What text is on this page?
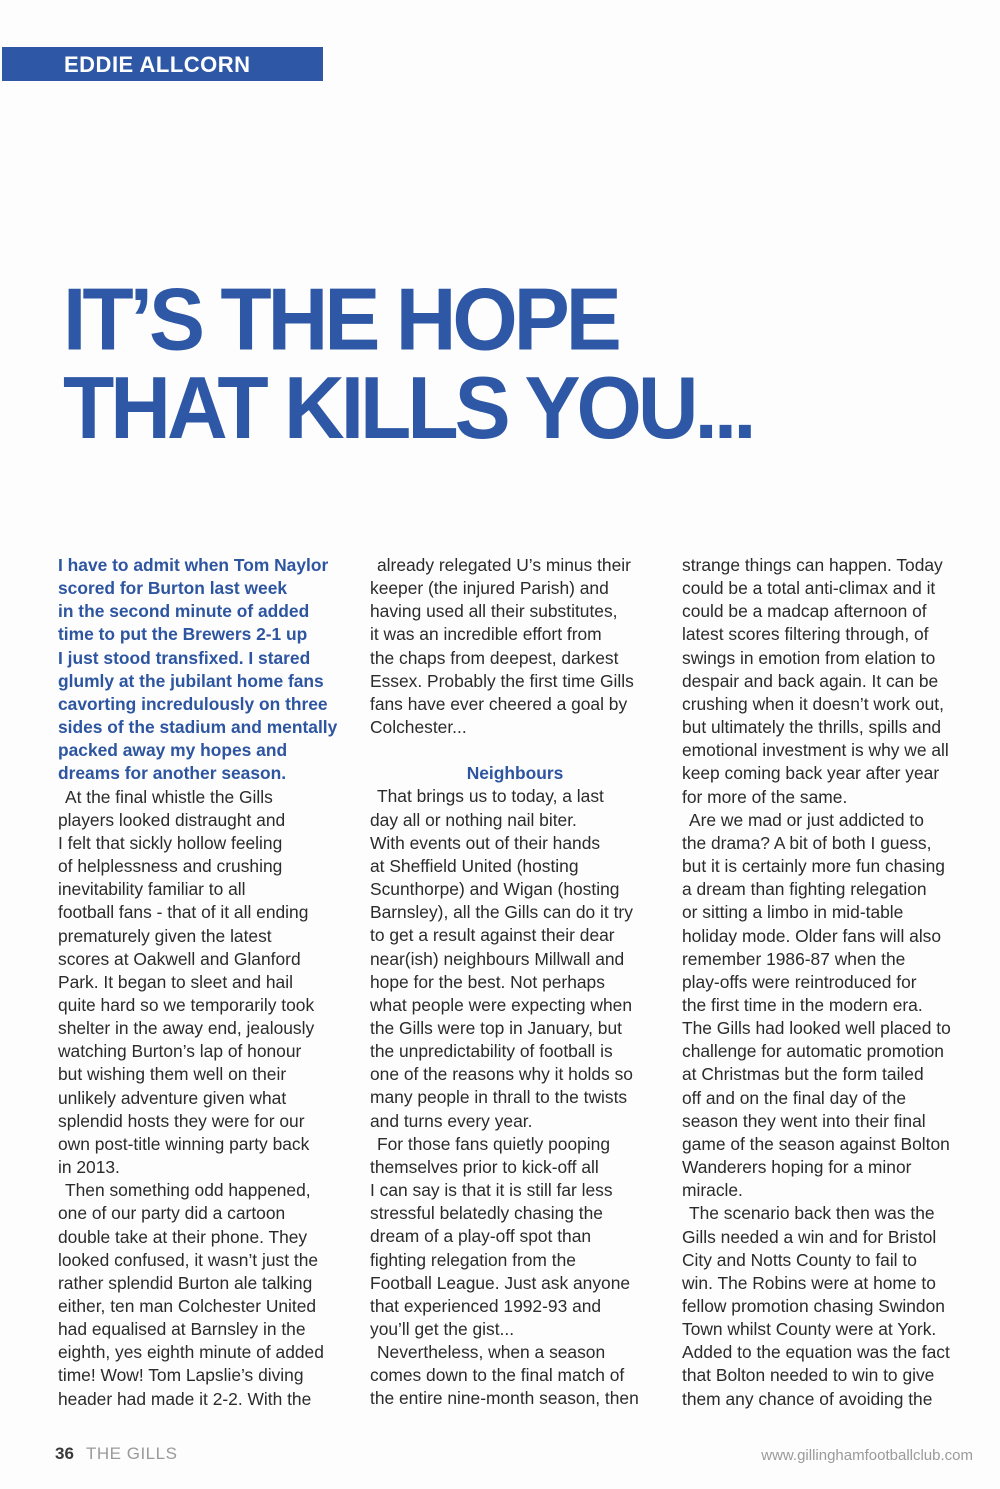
EDDIE ALLCORN
IT’S THE HOPE
THAT KILLS YOU...

I have to admit when Tom Naylor
scored for Burton last week
in the second minute of added
time to put the Brewers 2-1 up
I just stood transfixed. I stared
glumly at the jubilant home fans
cavorting incredulously on three
sides of the stadium and mentally
packed away my hopes and
dreams for another season.

At the final whistle the Gills
players looked distraught and
I felt that sickly hollow feeling
of helplessness and crushing
inevitability familiar to all
football fans - that of it all ending
prematurely given the latest
scores at Oakwell and Glanford
Park. It began to sleet and hail
quite hard so we temporarily took
shelter in the away end, jealously
watching Burton’s lap of honour
but wishing them well on their
unlikely adventure given what
splendid hosts they were for our
own post-title winning party back
in 2013.

Then something odd happened,
one of our party did a cartoon
double take at their phone. They
looked confused, it wasn’t just the
rather splendid Burton ale talking
either, ten man Colchester United
had equalised at Barnsley in the
eighth, yes eighth minute of added
time! Wow! Tom Lapslie’s diving
header had made it 2-2. With the

already relegated U’s minus their
keeper (the injured Parish) and
having used all their substitutes,
it was an incredible effort from
the chaps from deepest, darkest
Essex. Probably the first time Gills
fans have ever cheered a goal by
Colchester...

Neighbours

That brings us to today, a last
day all or nothing nail biter.
With events out of their hands
at Sheffield United (hosting
Scunthorpe) and Wigan (hosting
Barnsley), all the Gills can do it try
to get a result against their dear
near(ish) neighbours Millwall and
hope for the best. Not perhaps
what people were expecting when
the Gills were top in January, but
the unpredictability of football is
one of the reasons why it holds so
many people in thrall to the twists
and turns every year.

For those fans quietly pooping
themselves prior to kick-off all
I can say is that it is still far less
stressful belatedly chasing the
dream of a play-off spot than
fighting relegation from the
Football League. Just ask anyone
that experienced 1992-93 and
you’ll get the gist...

Nevertheless, when a season
comes down to the final match of
the entire nine-month season, then

strange things can happen. Today
could be a total anti-climax and it
could be a madcap afternoon of
latest scores filtering through, of
swings in emotion from elation to
despair and back again. It can be
crushing when it doesn’t work out,
but ultimately the thrills, spills and
emotional investment is why we all
keep coming back year after year
for more of the same.

Are we mad or just addicted to
the drama? A bit of both I guess,
but it is certainly more fun chasing
a dream than fighting relegation
or sitting a limbo in mid-table
holiday mode. Older fans will also
remember 1986-87 when the
play-offs were reintroduced for
the first time in the modern era.
The Gills had looked well placed to
challenge for automatic promotion
at Christmas but the form tailed
off and on the final day of the
season they went into their final
game of the season against Bolton
Wanderers hoping for a minor
miracle.

The scenario back then was the
Gills needed a win and for Bristol
City and Notts County to fail to
win. The Robins were at home to
fellow promotion chasing Swindon
Town whilst County were at York.
Added to the equation was the fact
that Bolton needed to win to give
them any chance of avoiding the

36 THE GILLS	www.gillinghamfootballclub.com
